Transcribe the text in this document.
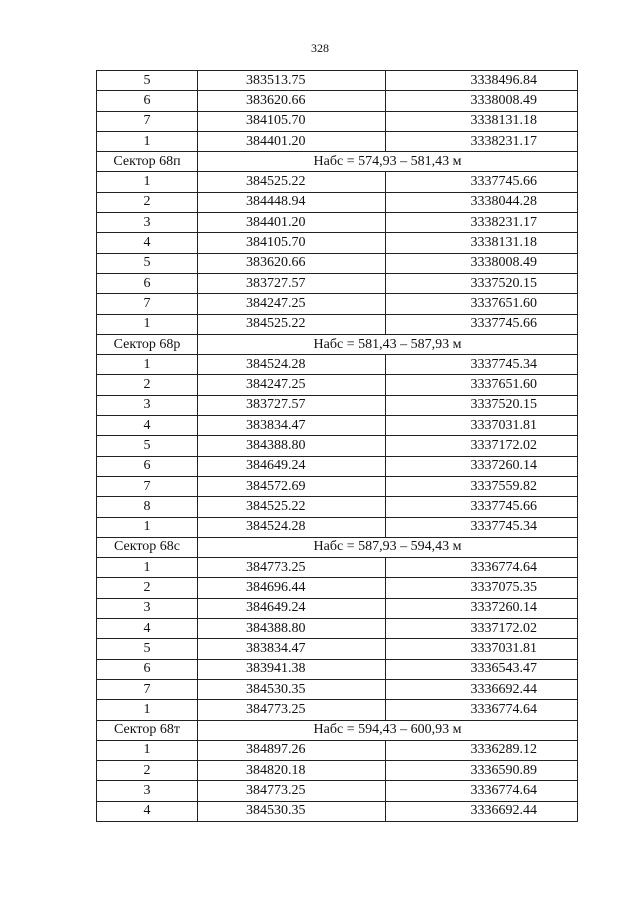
328
5	383513.75	3338496.84
6	383620.66	3338008.49
7	384105.70	3338131.18
1	384401.20	3338231.17
Сектор 68п	Набс = 574,93 – 581,43 м	
1	384525.22	3337745.66
2	384448.94	3338044.28
3	384401.20	3338231.17
4	384105.70	3338131.18
5	383620.66	3338008.49
6	383727.57	3337520.15
7	384247.25	3337651.60
1	384525.22	3337745.66
Сектор 68р	Набс = 581,43 – 587,93 м	
1	384524.28	3337745.34
2	384247.25	3337651.60
3	383727.57	3337520.15
4	383834.47	3337031.81
5	384388.80	3337172.02
6	384649.24	3337260.14
7	384572.69	3337559.82
8	384525.22	3337745.66
1	384524.28	3337745.34
Сектор 68с	Набс = 587,93 – 594,43 м	
1	384773.25	3336774.64
2	384696.44	3337075.35
3	384649.24	3337260.14
4	384388.80	3337172.02
5	383834.47	3337031.81
6	383941.38	3336543.47
7	384530.35	3336692.44
1	384773.25	3336774.64
Сектор 68т	Набс = 594,43 – 600,93 м	
1	384897.26	3336289.12
2	384820.18	3336590.89
3	384773.25	3336774.64
4	384530.35	3336692.44
